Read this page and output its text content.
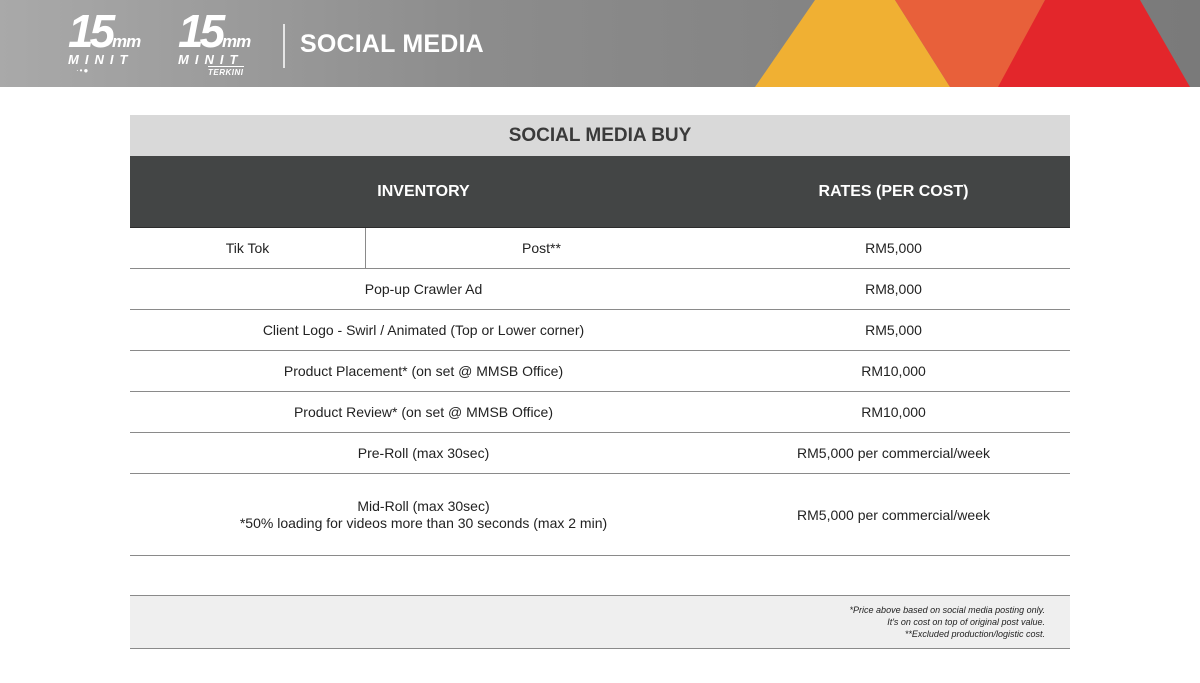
15 mm
MINIT
·•●
15 mm
MINIT
TERKINI
SOCIAL MEDIA
SOCIAL MEDIA BUY
INVENTORY	RATES (PER COST)
Tik Tok	Post**	RM5,000
Pop-up Crawler Ad	RM8,000
Client Logo - Swirl / Animated (Top or Lower corner)	RM5,000
Product Placement* (on set @ MMSB Office)	RM10,000
Product Review* (on set @ MMSB Office)	RM10,000
Pre-Roll (max 30sec)	RM5,000 per commercial/week
Mid-Roll (max 30sec)
*50% loading for videos more than 30 seconds (max 2 min)	RM5,000 per commercial/week
*Price above based on social media posting only.
It's on cost on top of original post value.
**Excluded production/logistic cost.
